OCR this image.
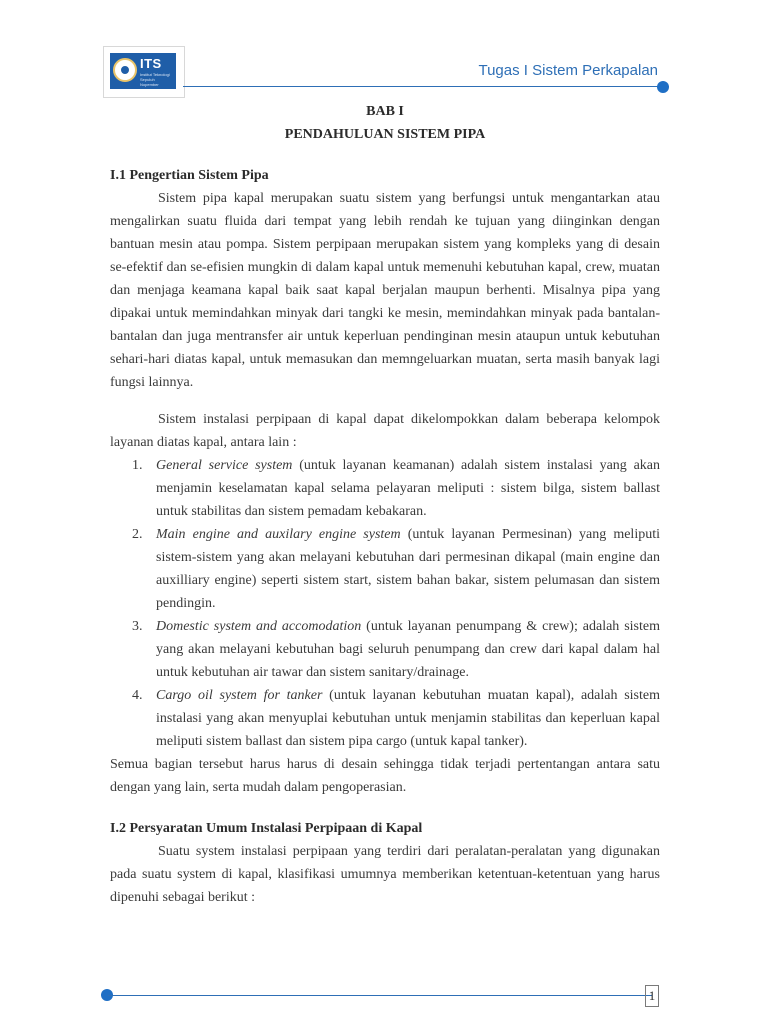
ITS
Institut Teknologi Sepuluh Nopember
Tugas I Sistem Perkapalan
BAB I
PENDAHULUAN SISTEM PIPA
I.1 Pengertian Sistem Pipa

Sistem pipa kapal merupakan suatu sistem yang berfungsi untuk mengantarkan atau mengalirkan suatu fluida dari tempat yang lebih rendah ke tujuan yang diinginkan dengan bantuan mesin atau pompa. Sistem perpipaan merupakan sistem yang kompleks yang di desain se-efektif dan se-efisien mungkin di dalam kapal untuk memenuhi kebutuhan kapal, crew, muatan dan menjaga keamana kapal baik saat kapal berjalan maupun berhenti. Misalnya pipa yang dipakai untuk memindahkan minyak dari tangki ke mesin, memindahkan minyak pada bantalan-bantalan dan juga mentransfer air untuk keperluan pendinginan mesin ataupun untuk kebutuhan sehari-hari diatas kapal, untuk memasukan dan memngeluarkan muatan, serta masih banyak lagi fungsi lainnya.

Sistem instalasi perpipaan di kapal dapat dikelompokkan dalam beberapa kelompok layanan diatas kapal, antara lain :

1. General service system (untuk layanan keamanan) adalah sistem instalasi yang akan menjamin keselamatan kapal selama pelayaran meliputi : sistem bilga, sistem ballast untuk stabilitas dan sistem pemadam kebakaran.
2. Main engine and auxilary engine system (untuk layanan Permesinan) yang meliputi sistem-sistem yang akan melayani kebutuhan dari permesinan dikapal (main engine dan auxilliary engine) seperti sistem start, sistem bahan bakar, sistem pelumasan dan sistem pendingin.
3. Domestic system and accomodation (untuk layanan penumpang & crew); adalah sistem yang akan melayani kebutuhan bagi seluruh penumpang dan crew dari kapal dalam hal untuk kebutuhan air tawar dan sistem sanitary/drainage.
4. Cargo oil system for tanker (untuk layanan kebutuhan muatan kapal), adalah sistem instalasi yang akan menyuplai kebutuhan untuk menjamin stabilitas dan keperluan kapal meliputi sistem ballast dan sistem pipa cargo (untuk kapal tanker).

Semua bagian tersebut harus harus di desain sehingga tidak terjadi pertentangan antara satu dengan yang lain, serta mudah dalam pengoperasian.

I.2 Persyaratan Umum Instalasi Perpipaan di Kapal

Suatu system instalasi perpipaan yang terdiri dari peralatan-peralatan yang digunakan pada suatu system di kapal, klasifikasi umumnya memberikan ketentuan-ketentuan yang harus dipenuhi sebagai berikut :

1
